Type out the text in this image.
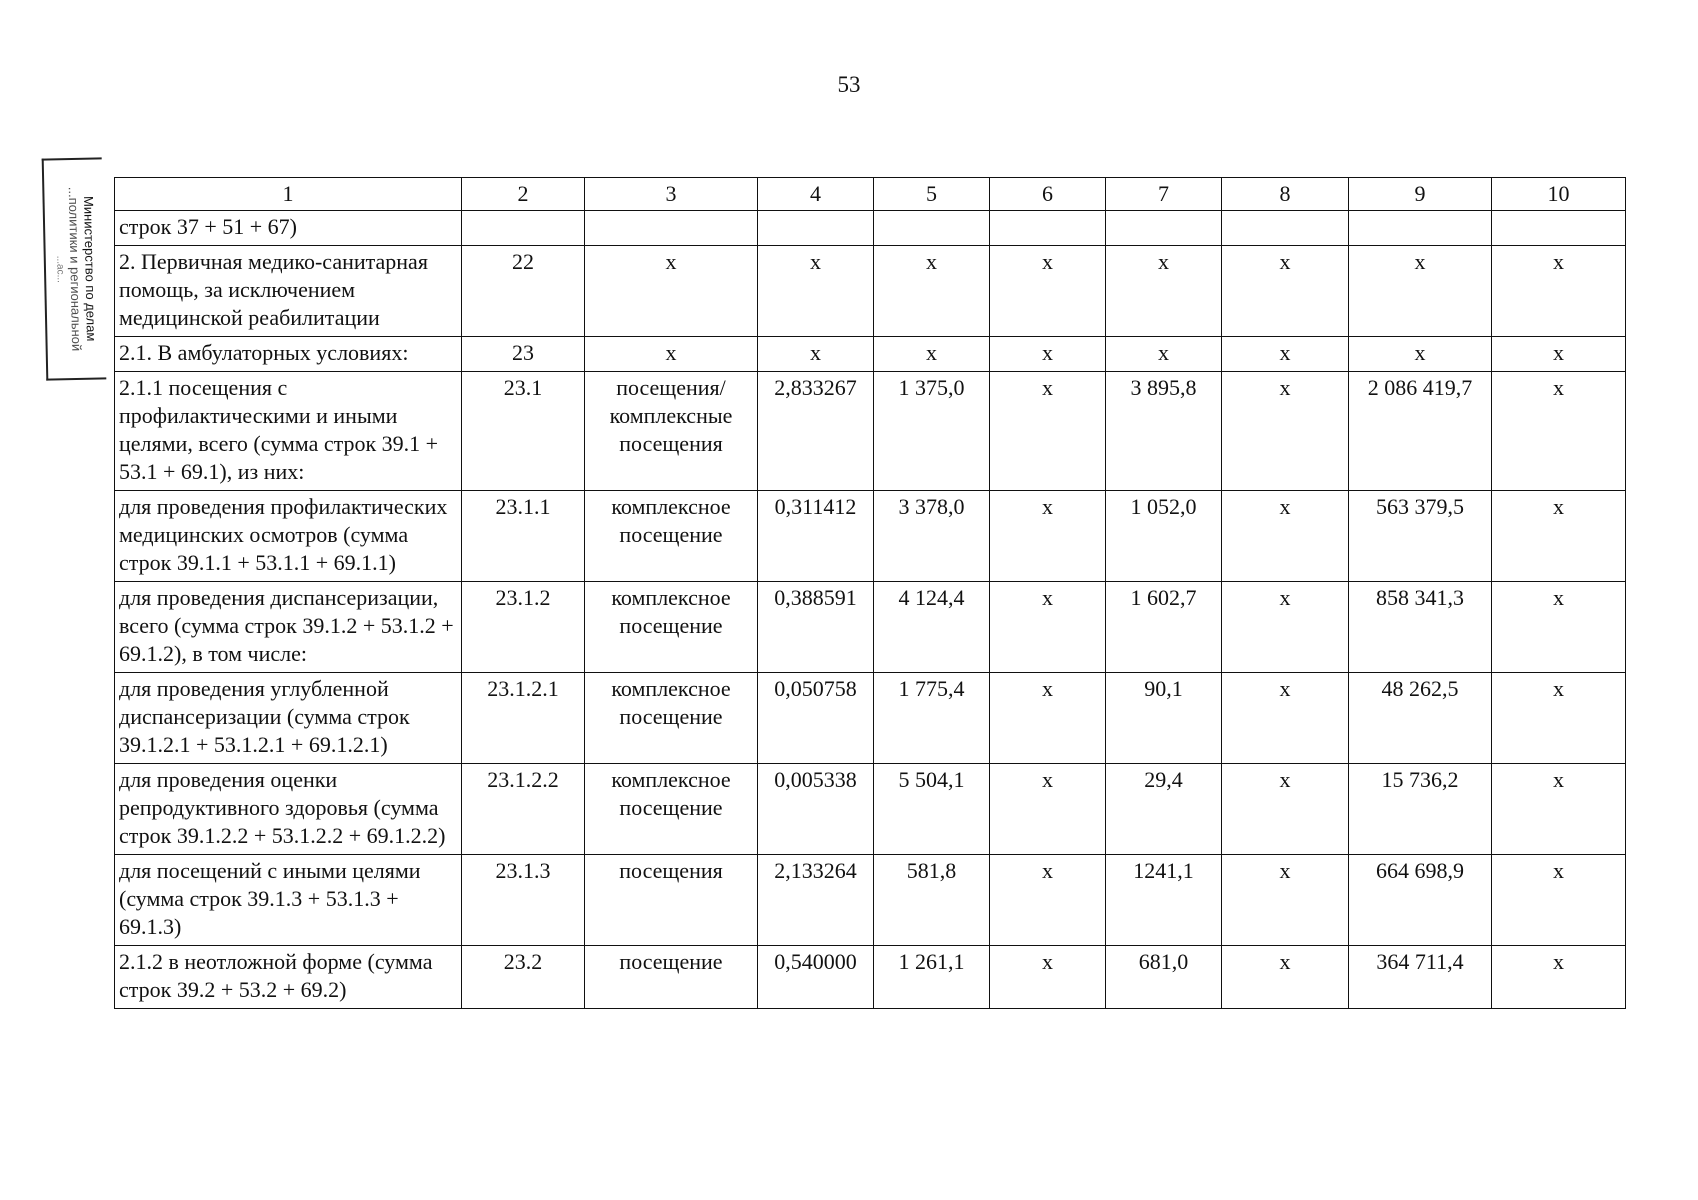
53
Министерство по делам
...политики и региональной
...ас...
1	2	3	4	5	6	7	8	9	10
строк 37 + 51 + 67)									
2. Первичная медико-санитарная помощь, за исключением медицинской реабилитации	22	х	х	х	х	х	х	х	х
2.1. В амбулаторных условиях:	23	х	х	х	х	х	х	х	х
2.1.1 посещения с профилактическими и иными целями, всего (сумма строк 39.1 + 53.1 + 69.1), из них:	23.1	посещения/ комплексные посещения	2,833267	1 375,0	х	3 895,8	х	2 086 419,7	х
для проведения профилактических медицинских осмотров (сумма строк 39.1.1 + 53.1.1 + 69.1.1)	23.1.1	комплексное посещение	0,311412	3 378,0	х	1 052,0	х	563 379,5	х
для проведения диспансеризации, всего (сумма строк 39.1.2 + 53.1.2 + 69.1.2), в том числе:	23.1.2	комплексное посещение	0,388591	4 124,4	х	1 602,7	х	858 341,3	х
для проведения углубленной диспансеризации (сумма строк 39.1.2.1 + 53.1.2.1 + 69.1.2.1)	23.1.2.1	комплексное посещение	0,050758	1 775,4	х	90,1	х	48 262,5	х
для проведения оценки репродуктивного здоровья (сумма строк 39.1.2.2 + 53.1.2.2 + 69.1.2.2)	23.1.2.2	комплексное посещение	0,005338	5 504,1	х	29,4	х	15 736,2	х
для посещений с иными целями (сумма строк 39.1.3 + 53.1.3 + 69.1.3)	23.1.3	посещения	2,133264	581,8	х	1241,1	х	664 698,9	х
2.1.2 в неотложной форме (сумма строк 39.2 + 53.2 + 69.2)	23.2	посещение	0,540000	1 261,1	х	681,0	х	364 711,4	х
